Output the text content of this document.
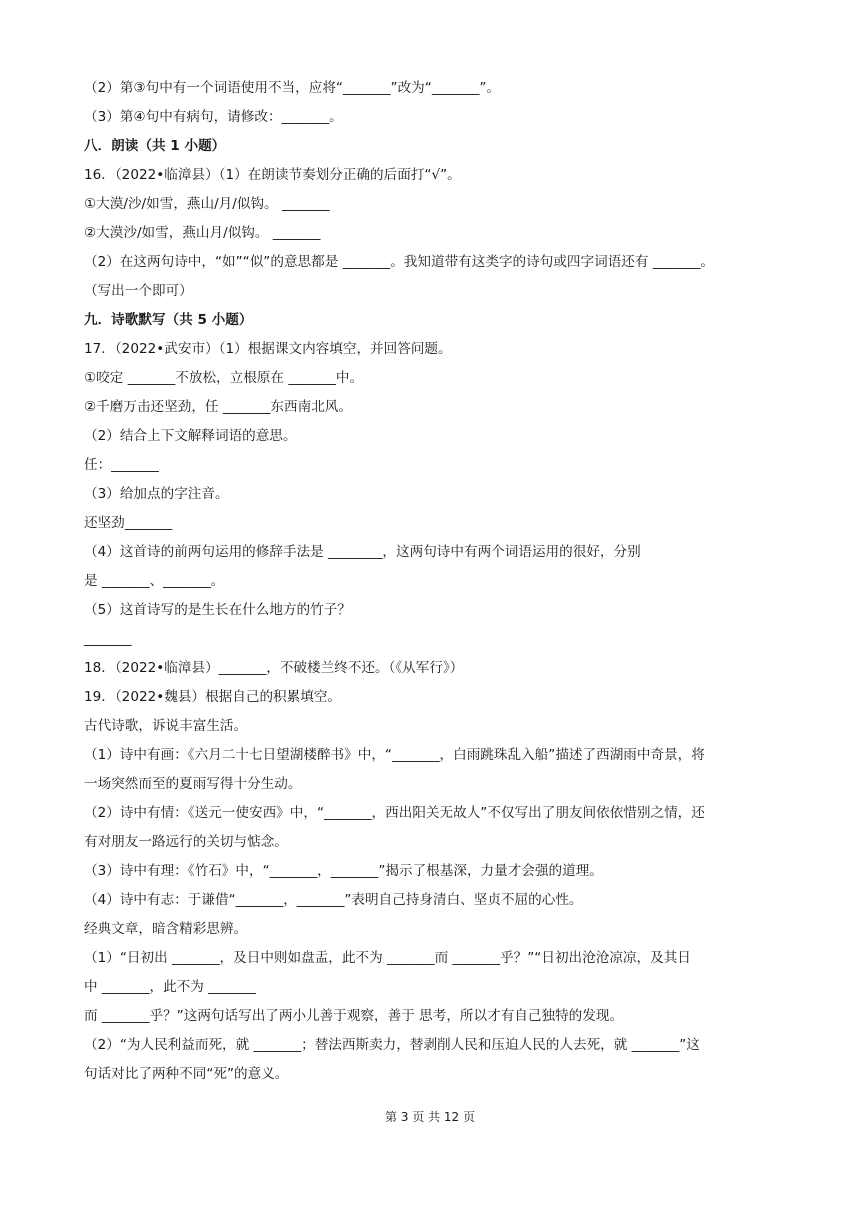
（2）第③句中有一个词语使用不当，应将“_______”改为“_______”。
（3）第④句中有病句，请修改：_______。
八．朗读（共 1 小题）
16．（2022•临漳县）（1）在朗读节奏划分正确的后面打“√”。
①大漠/沙/如雪，燕山/月/似钩。 _______
②大漠沙/如雪，燕山月/似钩。 _______
（2）在这两句诗中，“如”“似”的意思都是 _______。我知道带有这类字的诗句或四字词语还有 _______。
（写出一个即可）
九．诗歌默写（共 5 小题）
17．（2022•武安市）（1）根据课文内容填空，并回答问题。
①咬定 _______不放松，立根原在 _______中。
②千磨万击还坚劲，任 _______东西南北风。
（2）结合上下文解释词语的意思。
任：_______
（3）给加点的字注音。
还坚劲_______
（4）这首诗的前两句运用的修辞手法是 ________，这两句诗中有两个词语运用的很好，分别
是 _______、_______。
（5）这首诗写的是生长在什么地方的竹子？
_______
18．（2022•临漳县）_______，不破楼兰终不还。（《从军行》）
19．（2022•魏县）根据自己的积累填空。
古代诗歌，诉说丰富生活。
（1）诗中有画：《六月二十七日望湖楼醉书》中，“_______，白雨跳珠乱入船”描述了西湖雨中奇景，将
一场突然而至的夏雨写得十分生动。
（2）诗中有情：《送元一使安西》中，“_______，西出阳关无故人”不仅写出了朋友间依依惜别之情，还
有对朋友一路远行的关切与惦念。
（3）诗中有理：《竹石》中，“_______，_______”揭示了根基深，力量才会强的道理。
（4）诗中有志：于谦借“_______，_______”表明自己持身清白、坚贞不屈的心性。
经典文章，暗含精彩思辨。
（1）“日初出 _______，及日中则如盘盂，此不为 _______而 _______乎？”“日初出沧沧凉凉，及其日
中 _______，此不为 _______
而 _______乎？”这两句话写出了两小儿善于观察，善于 思考，所以才有自己独特的发现。
（2）“为人民利益而死，就 _______；替法西斯卖力，替剥削人民和压迫人民的人去死，就 _______”这
句话对比了两种不同“死”的意义。
第 3 页 共 12 页
